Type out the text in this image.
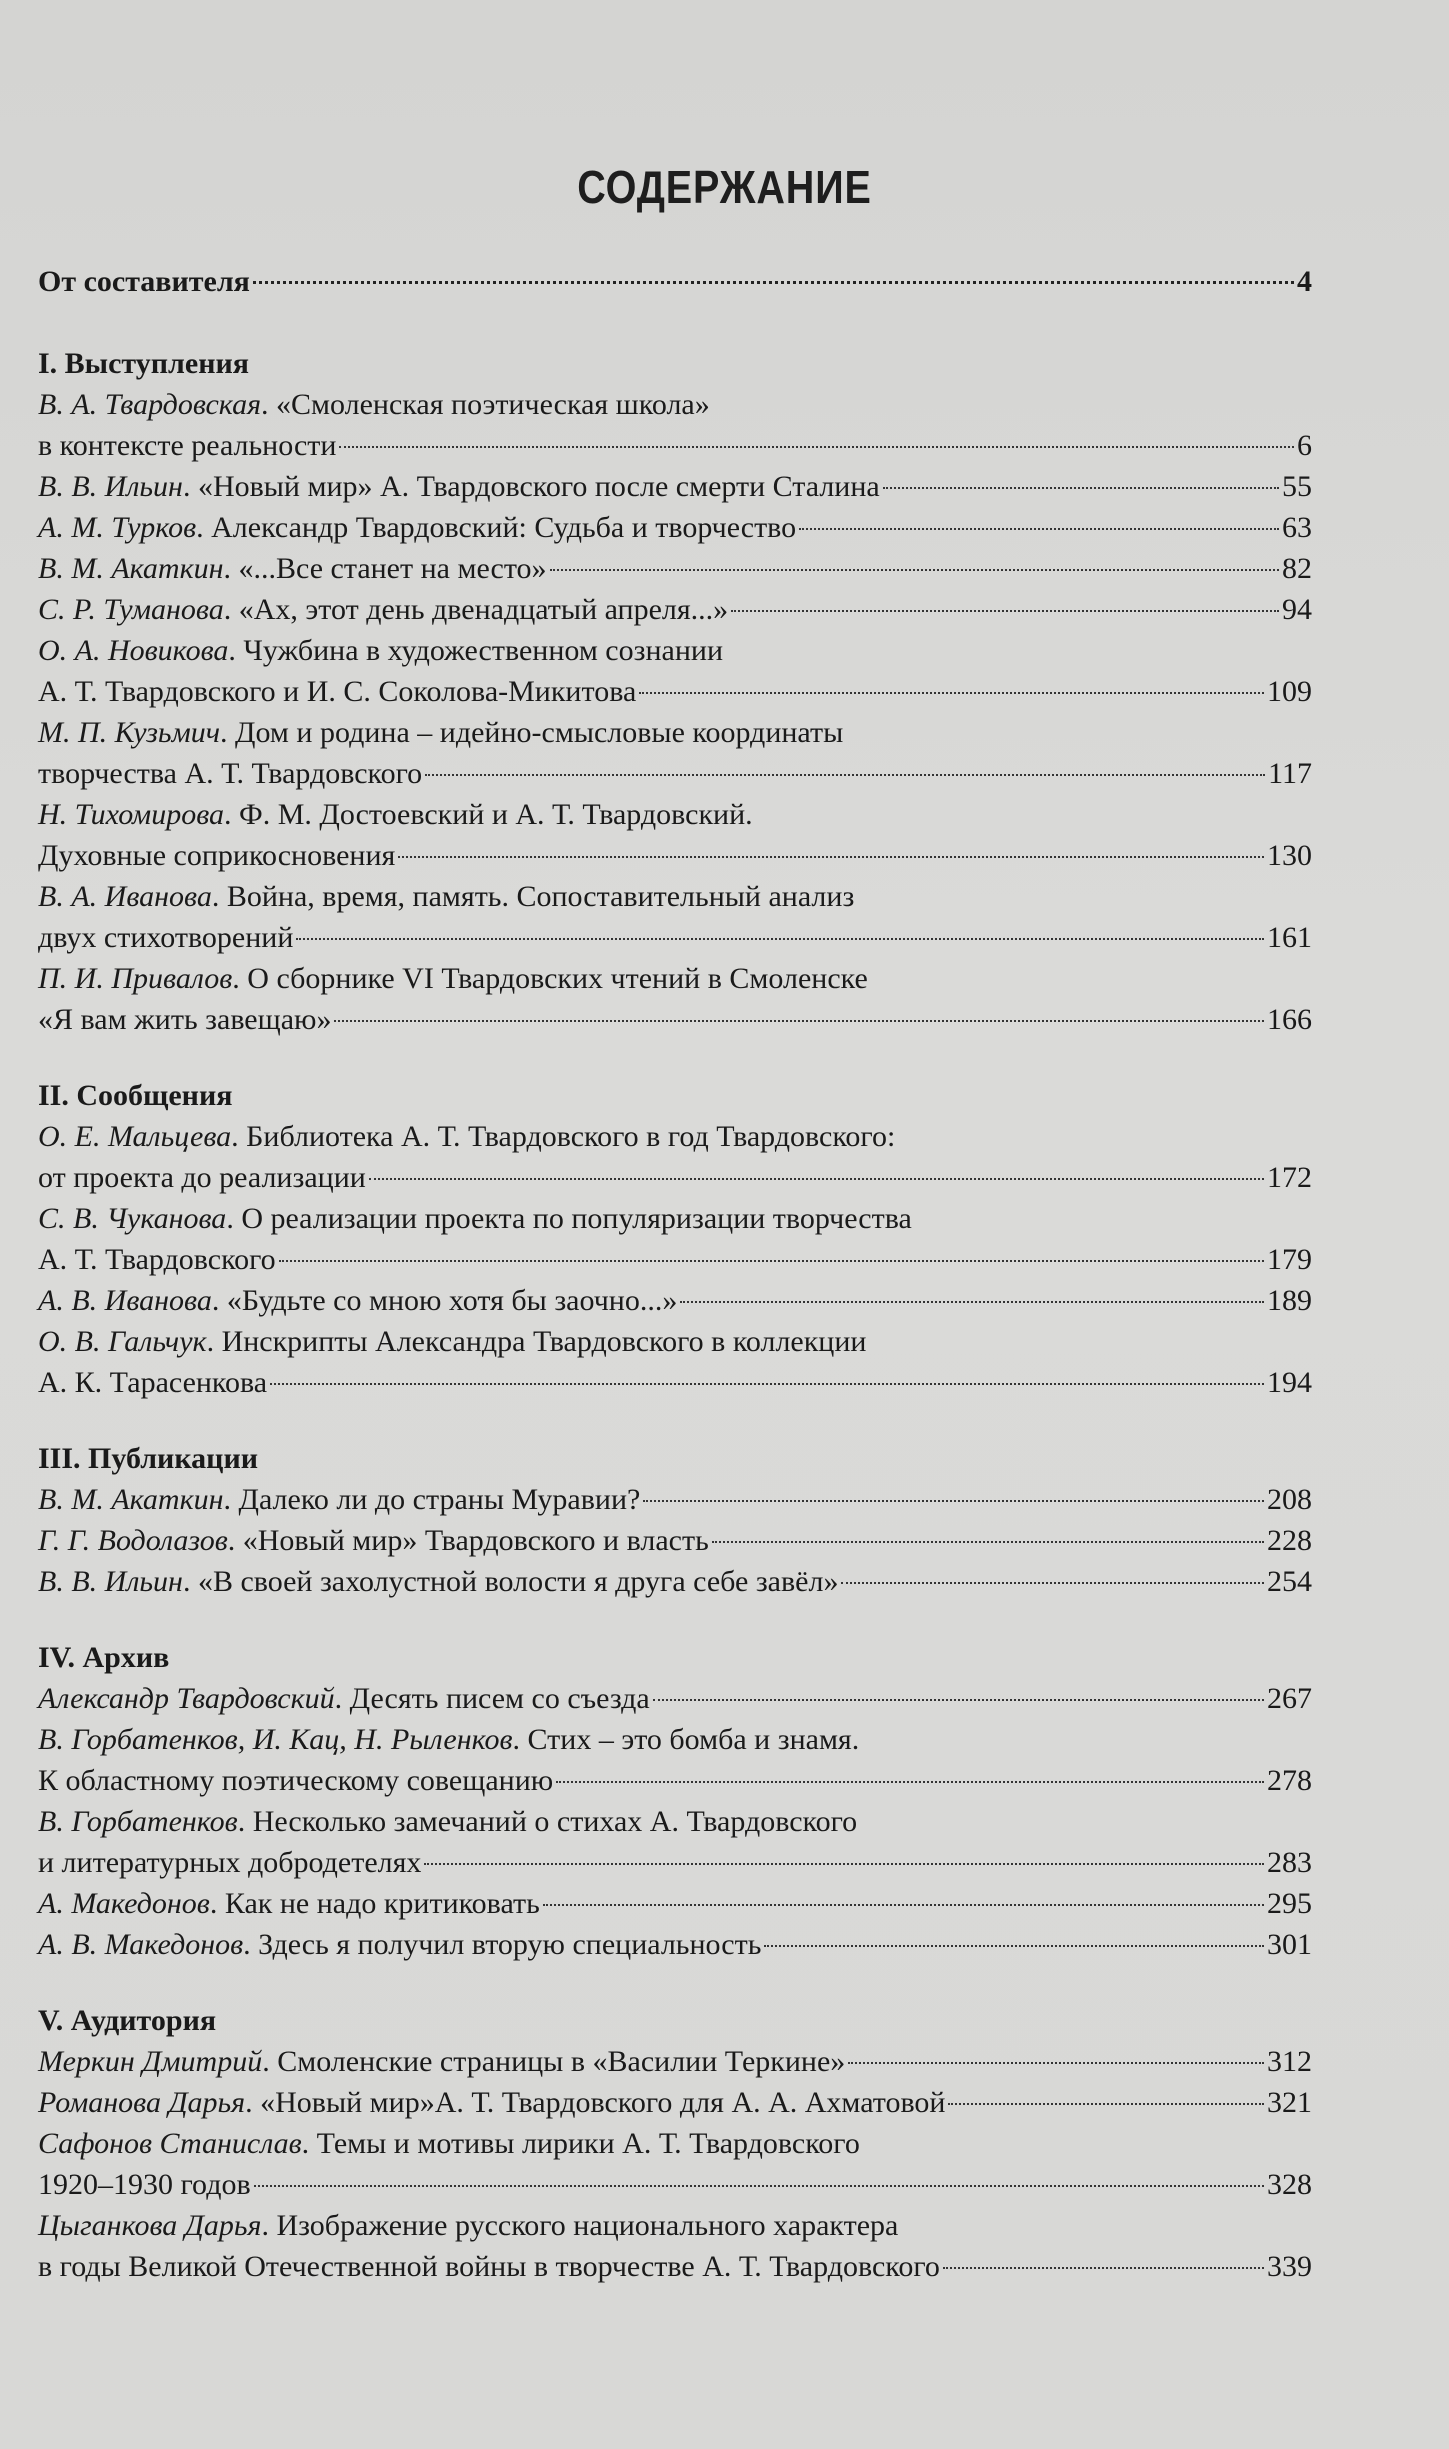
СОДЕРЖАНИЕ
От составителя	4
I. Выступления
В. А. Твардовская. «Смоленская поэтическая школа»
в контексте реальности	6
В. В. Ильин. «Новый мир» А. Твардовского после смерти Сталина	55
А. М. Турков. Александр Твардовский: Судьба и творчество	63
В. М. Акаткин. «...Все станет на место»	82
С. Р. Туманова. «Ах, этот день двенадцатый апреля...»	94
О. А. Новикова. Чужбина в художественном сознании
А. Т. Твардовского и И. С. Соколова-Микитова	109
М. П. Кузьмич. Дом и родина – идейно-смысловые координаты
творчества А. Т. Твардовского	117
Н. Тихомирова. Ф. М. Достоевский и А. Т. Твардовский.
Духовные соприкосновения	130
В. А. Иванова. Война, время, память. Сопоставительный анализ
двух стихотворений	161
П. И. Привалов. О сборнике VI Твардовских чтений в Смоленске
«Я вам жить завещаю»	166
II. Сообщения
О. Е. Мальцева. Библиотека А. Т. Твардовского в год Твардовского:
от проекта до реализации	172
С. В. Чуканова. О реализации проекта по популяризации творчества
А. Т. Твардовского	179
А. В. Иванова. «Будьте со мною хотя бы заочно...»	189
О. В. Гальчук. Инскрипты Александра Твардовского в коллекции
А. К. Тарасенкова	194
III. Публикации
В. М. Акаткин. Далеко ли до страны Муравии?	208
Г. Г. Водолазов. «Новый мир» Твардовского и власть	228
В. В. Ильин. «В своей захолустной волости я друга себе завёл»	254
IV. Архив
Александр Твардовский. Десять писем со съезда	267
В. Горбатенков, И. Кац, Н. Рыленков. Стих – это бомба и знамя.
К областному поэтическому совещанию	278
В. Горбатенков. Несколько замечаний о стихах А. Твардовского
и литературных добродетелях	283
А. Македонов. Как не надо критиковать	295
А. В. Македонов. Здесь я получил вторую специальность	301
V. Аудитория
Меркин Дмитрий. Смоленские страницы в «Василии Теркине»	312
Романова Дарья. «Новый мир»А. Т. Твардовского для А. А. Ахматовой	321
Сафонов Станислав. Темы и мотивы лирики А. Т. Твардовского
1920–1930 годов	328
Цыганкова Дарья. Изображение русского национального характера
в годы Великой Отечественной войны в творчестве А. Т. Твардовского	339
